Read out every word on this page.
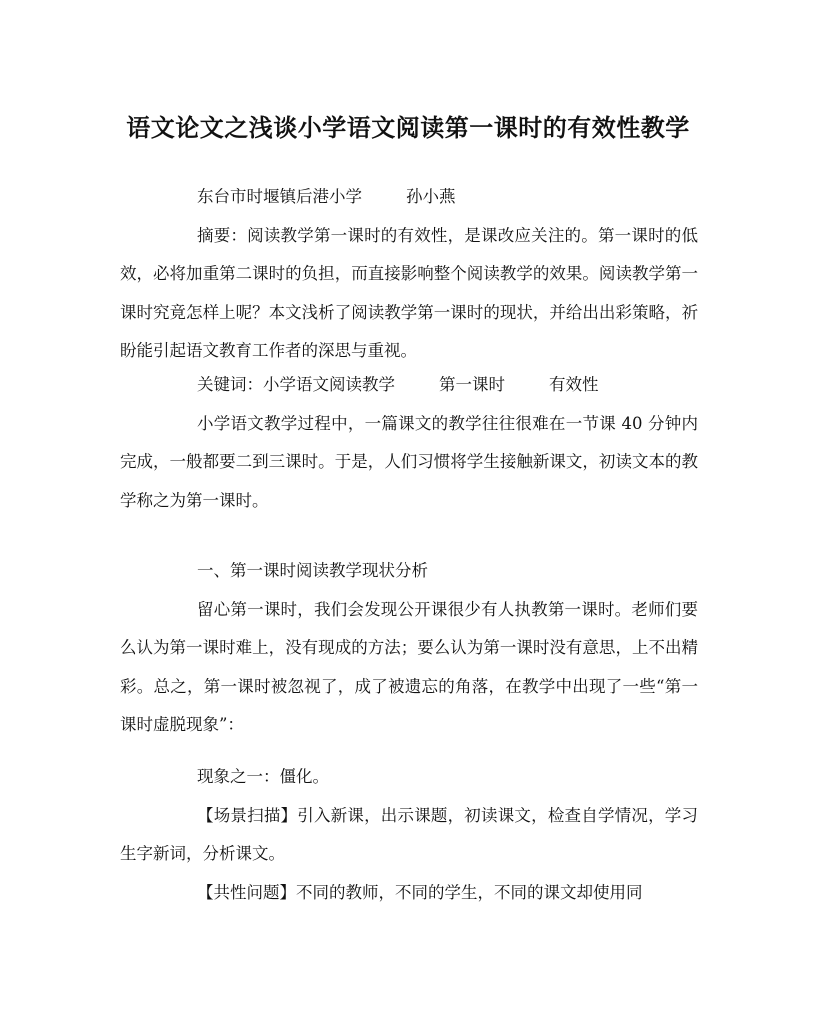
语文论文之浅谈小学语文阅读第一课时的有效性教学

东台市时堰镇后港小学	孙小燕

摘要：阅读教学第一课时的有效性，是课改应关注的。第一课时的低效，必将加重第二课时的负担，而直接影响整个阅读教学的效果。阅读教学第一课时究竟怎样上呢？本文浅析了阅读教学第一课时的现状，并给出出彩策略，祈盼能引起语文教育工作者的深思与重视。

关键词：小学语文阅读教学	第一课时	有效性

小学语文教学过程中，一篇课文的教学往往很难在一节课 40 分钟内完成，一般都要二到三课时。于是，人们习惯将学生接触新课文，初读文本的教学称之为第一课时。

一、第一课时阅读教学现状分析

留心第一课时，我们会发现公开课很少有人执教第一课时。老师们要么认为第一课时难上，没有现成的方法；要么认为第一课时没有意思，上不出精彩。总之，第一课时被忽视了，成了被遗忘的角落，在教学中出现了一些“第一课时虚脱现象”：

现象之一：僵化。

【场景扫描】引入新课，出示课题，初读课文，检查自学情况，学习生字新词，分析课文。

【共性问题】不同的教师，不同的学生，不同的课文却使用同
